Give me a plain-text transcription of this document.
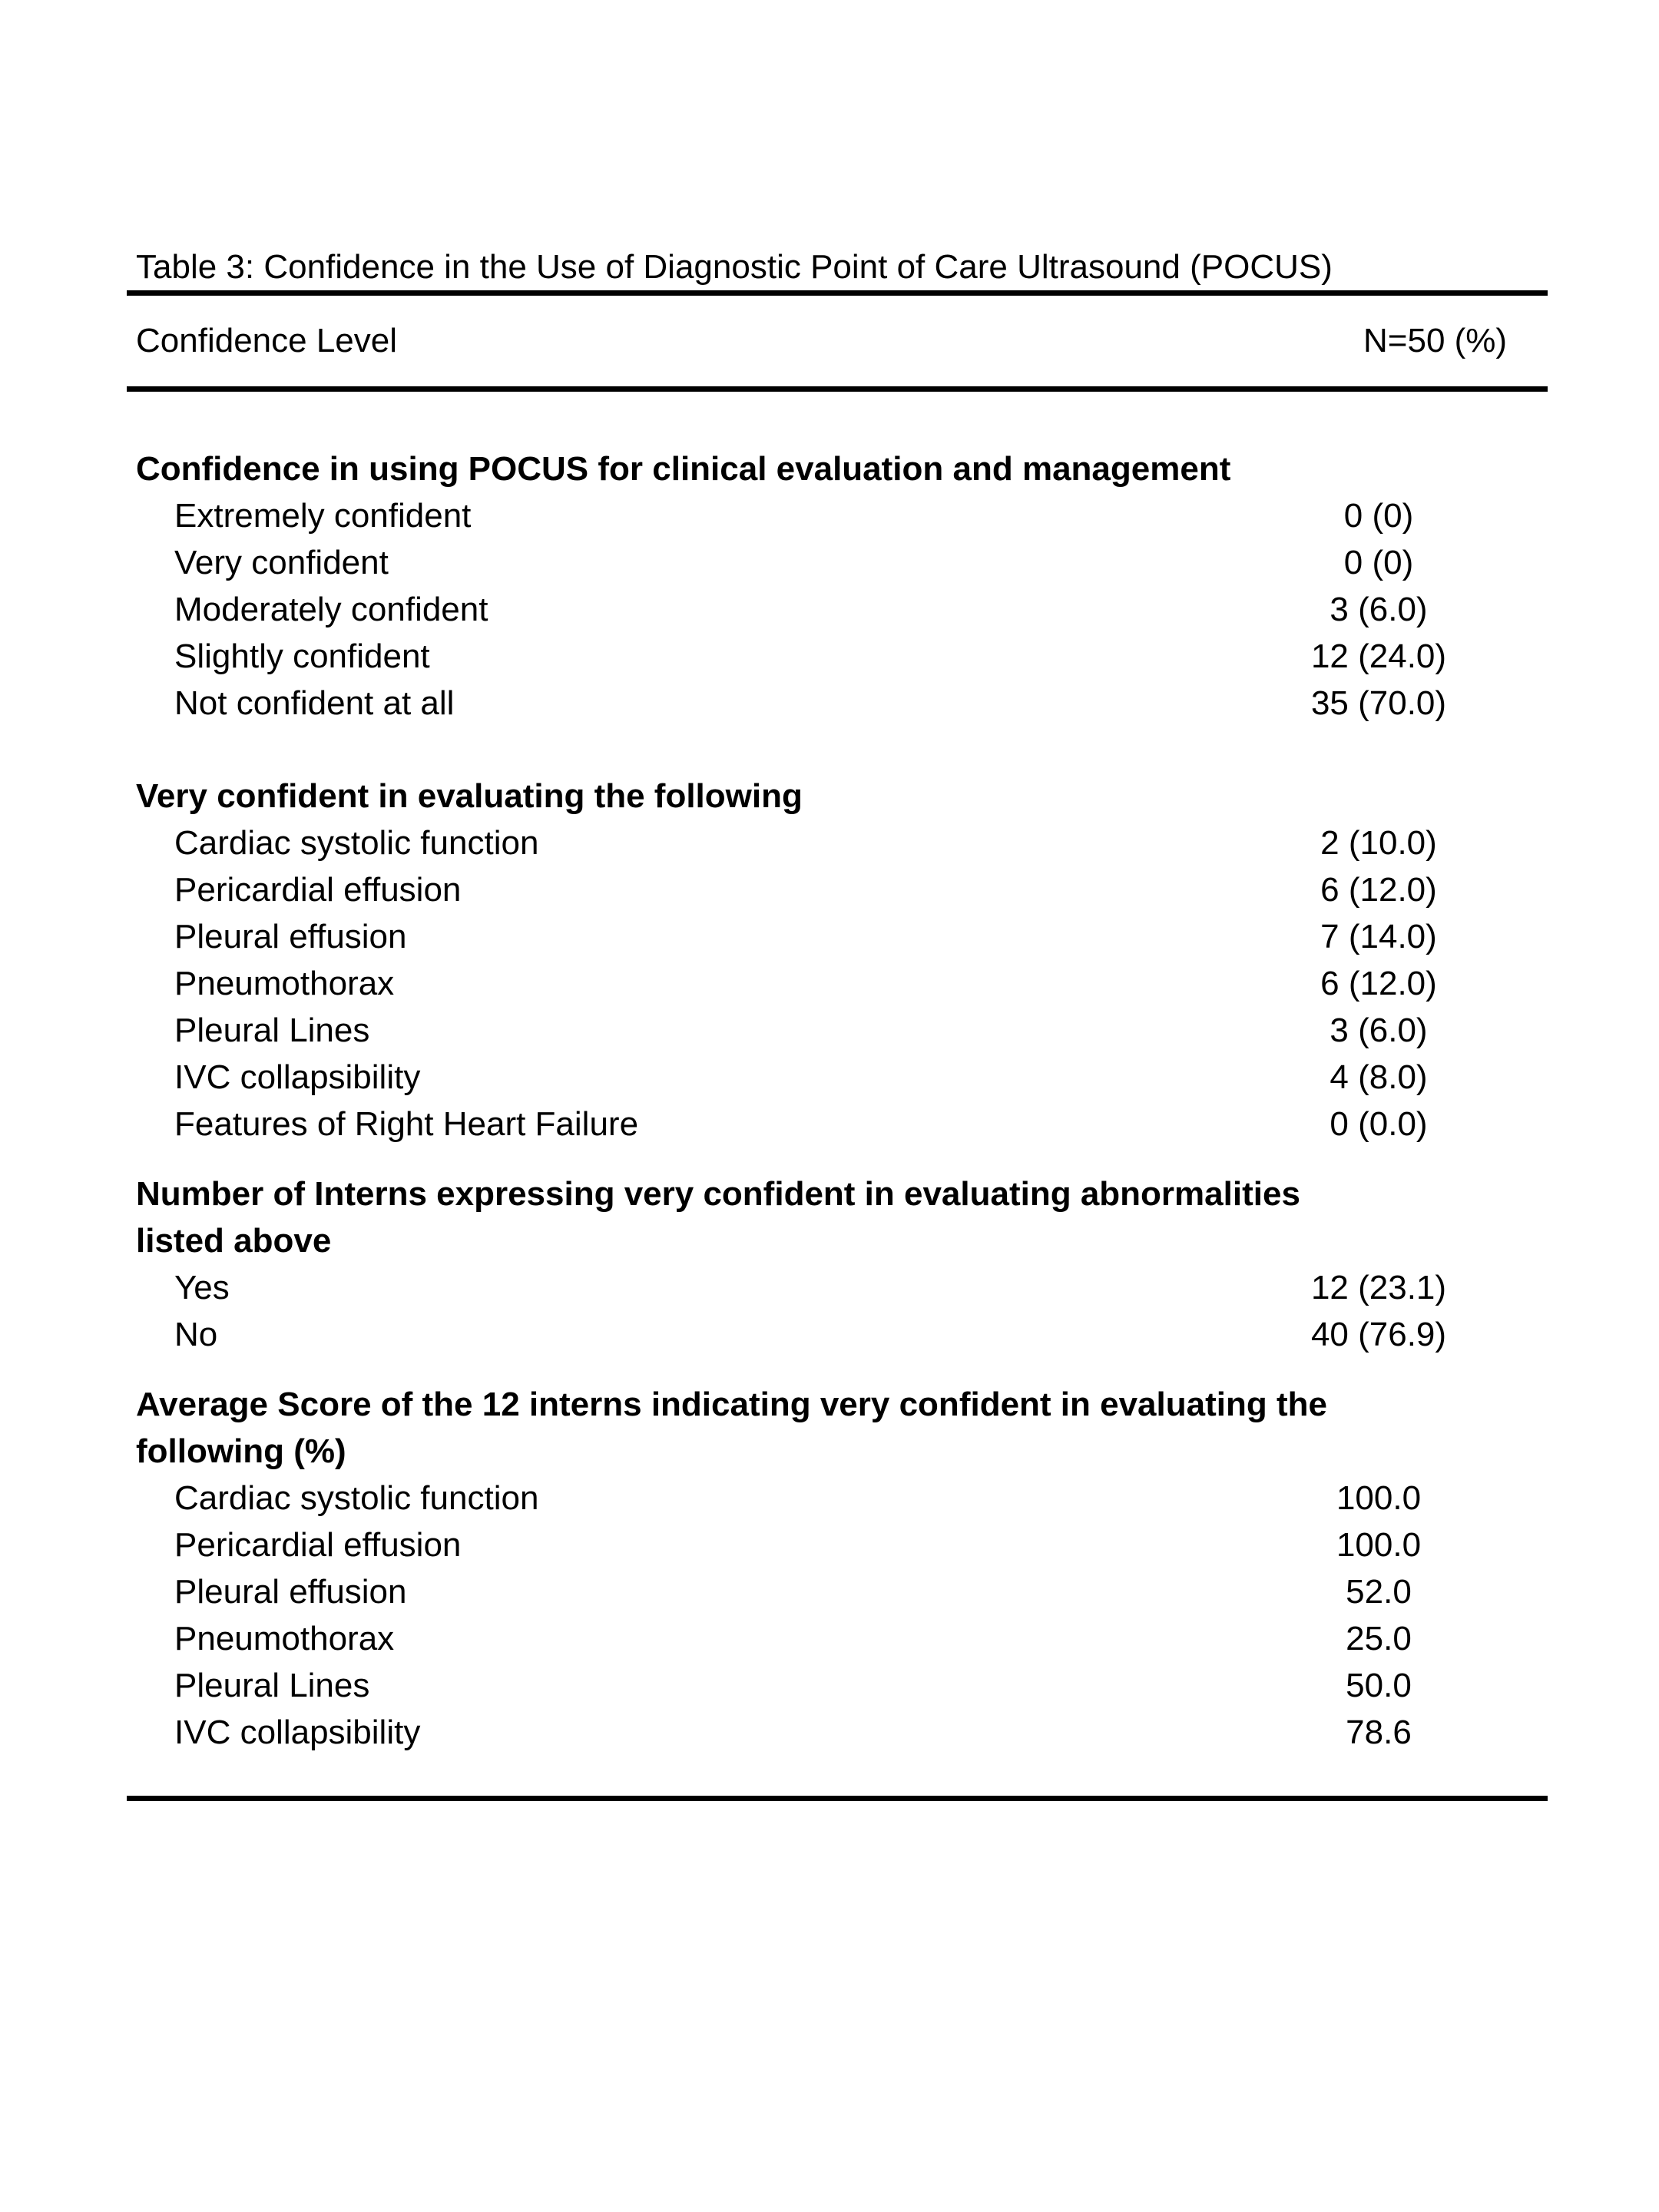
Table 3: Confidence in the Use of Diagnostic Point of Care Ultrasound (POCUS)
Confidence Level	N=50 (%)
Confidence in using POCUS for clinical evaluation and management
Extremely confident	0 (0)
Very confident	0 (0)
Moderately confident	3 (6.0)
Slightly confident	12 (24.0)
Not confident at all	35 (70.0)
Very confident in evaluating the following
Cardiac systolic function	2 (10.0)
Pericardial effusion	6 (12.0)
Pleural effusion	7 (14.0)
Pneumothorax	6 (12.0)
Pleural Lines	3 (6.0)
IVC collapsibility	4 (8.0)
Features of Right Heart Failure	0 (0.0)
Number of Interns expressing very confident in evaluating abnormalities listed above
Yes	12 (23.1)
No	40 (76.9)
Average Score of the 12 interns indicating very confident in evaluating the following (%)
Cardiac systolic function	100.0
Pericardial effusion	100.0
Pleural effusion	52.0
Pneumothorax	25.0
Pleural Lines	50.0
IVC collapsibility	78.6
